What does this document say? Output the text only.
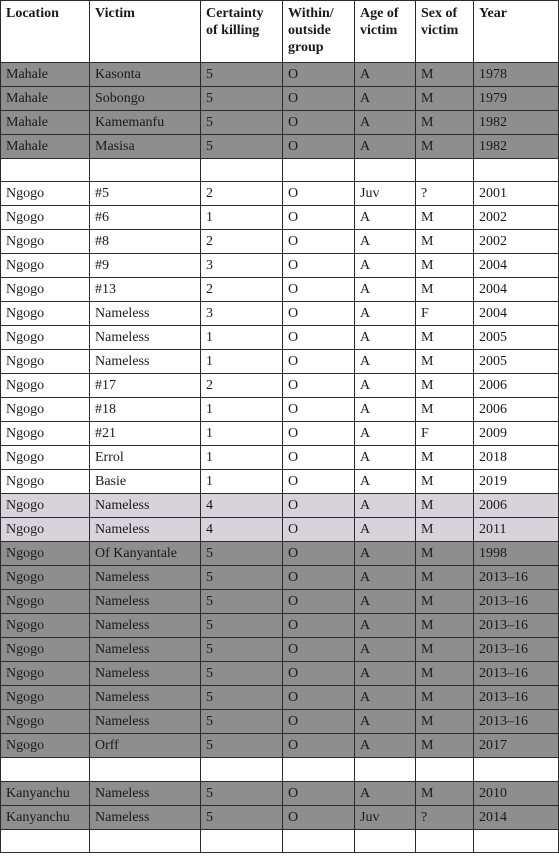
Location	Victim	Certainty of killing	Within/ outside group	Age of victim	Sex of victim	Year
Mahale	Kasonta	5	O	A	M	1978
Mahale	Sobongo	5	O	A	M	1979
Mahale	Kamemanfu	5	O	A	M	1982
Mahale	Masisa	5	O	A	M	1982

Ngogo	#5	2	O	Juv	?	2001
Ngogo	#6	1	O	A	M	2002
Ngogo	#8	2	O	A	M	2002
Ngogo	#9	3	O	A	M	2004
Ngogo	#13	2	O	A	M	2004
Ngogo	Nameless	3	O	A	F	2004
Ngogo	Nameless	1	O	A	M	2005
Ngogo	Nameless	1	O	A	M	2005
Ngogo	#17	2	O	A	M	2006
Ngogo	#18	1	O	A	M	2006
Ngogo	#21	1	O	A	F	2009
Ngogo	Errol	1	O	A	M	2018
Ngogo	Basie	1	O	A	M	2019
Ngogo	Nameless	4	O	A	M	2006
Ngogo	Nameless	4	O	A	M	2011
Ngogo	Of Kanyantale	5	O	A	M	1998
Ngogo	Nameless	5	O	A	M	2013–16
Ngogo	Nameless	5	O	A	M	2013–16
Ngogo	Nameless	5	O	A	M	2013–16
Ngogo	Nameless	5	O	A	M	2013–16
Ngogo	Nameless	5	O	A	M	2013–16
Ngogo	Nameless	5	O	A	M	2013–16
Ngogo	Nameless	5	O	A	M	2013–16
Ngogo	Orff	5	O	A	M	2017

Kanyanchu	Nameless	5	O	A	M	2010
Kanyanchu	Nameless	5	O	Juv	?	2014
